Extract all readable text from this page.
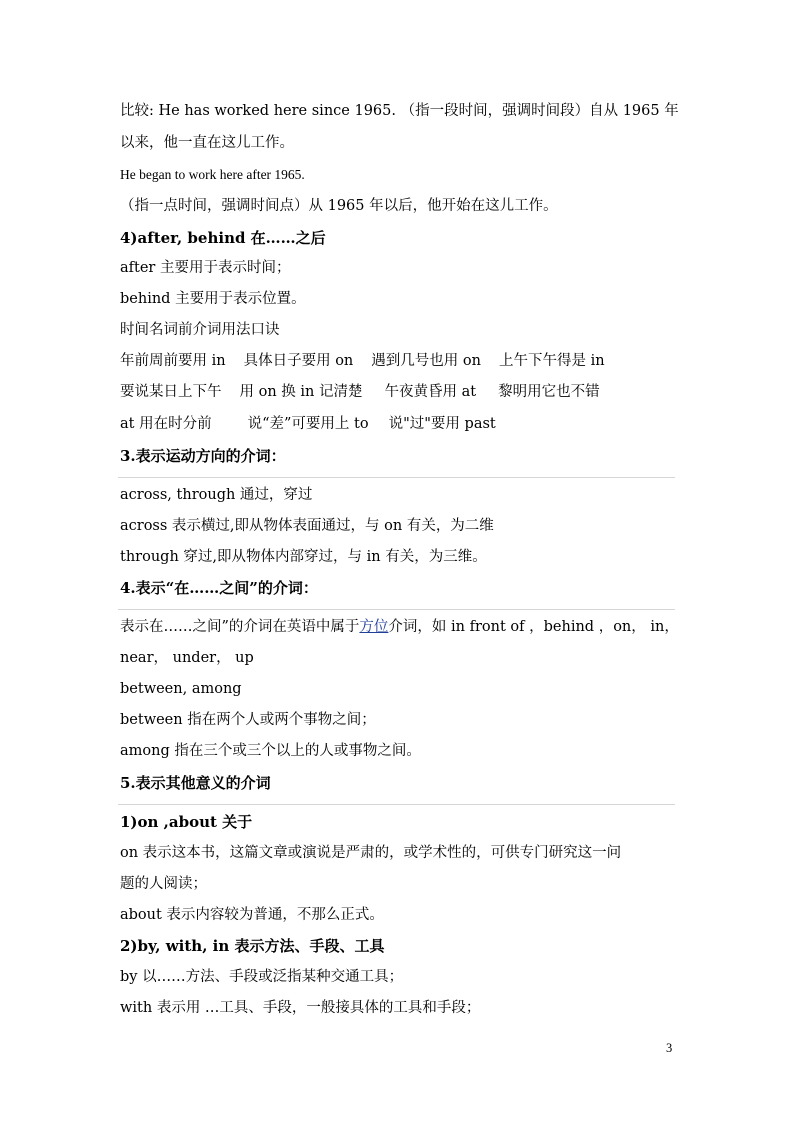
比较: He has worked here since 1965. （指一段时间，强调时间段）自从 1965 年
以来，他一直在这儿工作。
He began to work here after 1965.
（指一点时间，强调时间点）从 1965 年以后，他开始在这儿工作。
4)after, behind 在……之后
after 主要用于表示时间；
behind 主要用于表示位置。
时间名词前介词用法口诀
年前周前要用 in 具体日子要用 on 遇到几号也用 on 上午下午得是 in
要说某日上下午 用 on 换 in 记清楚 午夜黄昏用 at 黎明用它也不错
at 用在时分前 说“差”可要用上 to 说"过"要用 past
3.表示运动方向的介词：
across, through 通过，穿过
across 表示横过,即从物体表面通过，与 on 有关，为二维
through 穿过,即从物体内部穿过，与 in 有关，为三维。
4.表示“在……之间”的介词：
表示在……之间”的介词在英语中属于方位介词，如 in front of ，behind ，on， in，
near， under， up
between, among
between 指在两个人或两个事物之间；
among 指在三个或三个以上的人或事物之间。
5.表示其他意义的介词
1)on ,about 关于
on 表示这本书，这篇文章或演说是严肃的，或学术性的，可供专门研究这一问
题的人阅读；
about 表示内容较为普通，不那么正式。
2)by, with, in 表示方法、手段、工具
by 以……方法、手段或泛指某种交通工具；
with 表示用 …工具、手段，一般接具体的工具和手段；
3
